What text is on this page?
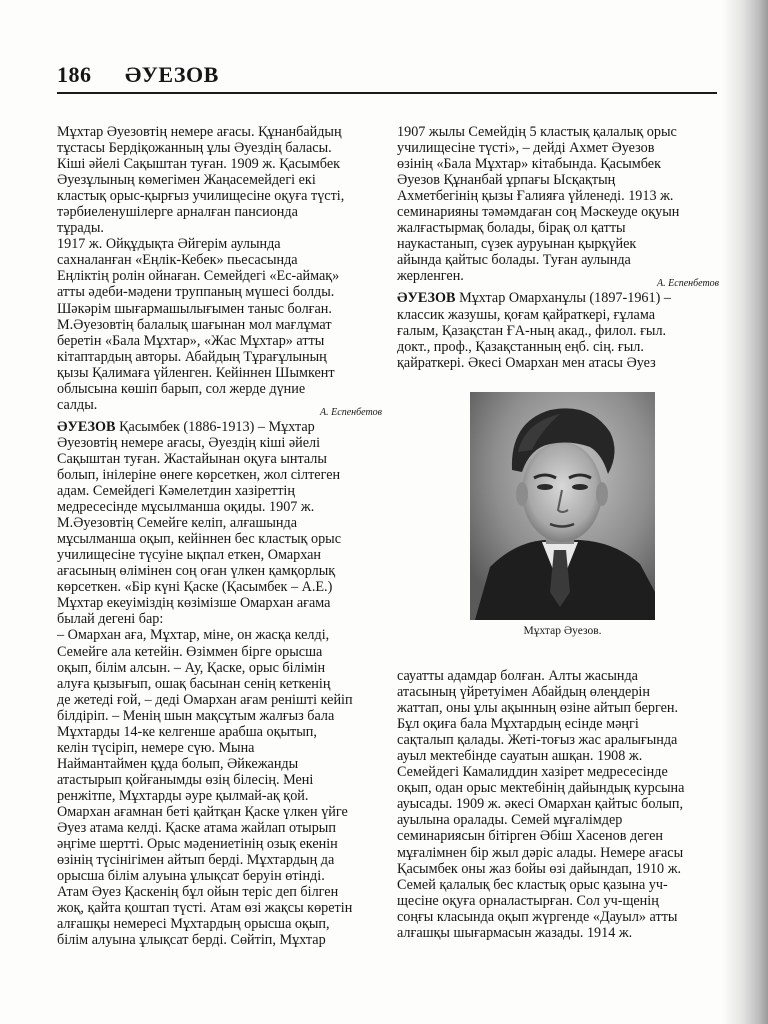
186 ӘУЕЗОВ
Мұхтар Әуезовтің немере ағасы. Құнанбайдың
тұстасы Бердіқожанның ұлы Әуездің баласы.
Кіші әйелі Сақыштан туған. 1909 ж. Қасымбек
Әуезұлының көмегімен Жаңасемейдегі екі
кластық орыс-қырғыз училищесіне оқуға түсті,
тәрбиеленушілерге арналған пансионда
тұрады.
1917 ж. Ойқұдықта Әйгерім аулында
сахналанған «Еңлік-Кебек» пьесасында
Еңліктің ролін ойнаған. Семейдегі «Ес-аймақ»
атты әдеби-мәдени труппаның мүшесі болды.
Шәкәрім шығармашылығымен таныс болған.
М.Әуезовтің балалық шағынан мол мағлұмат
беретін «Бала Мұхтар», «Жас Мұхтар» атты
кітаптардың авторы. Абайдың Тұрағұлының
қызы Қалимаға үйленген. Кейіннен Шымкент
облысына көшіп барып, сол жерде дүние
салды.	А. Еспенбетов
ӘУЕЗОВ Қасымбек (1886-1913) – Мұхтар
Әуезовтің немере ағасы, Әуездің кіші әйелі
Сақыштан туған. Жастайынан оқуға ынталы
болып, інілеріне өнеге көрсеткен, жол сілтеген
адам. Семейдегі Кәмелетдин хазіреттің
медресесінде мұсылманша оқиды. 1907 ж.
М.Әуезовтің Семейге келіп, алғашында
мұсылманша оқып, кейіннен бес кластық орыс
училищесіне түсуіне ықпал еткен, Омархан
ағасының өлімінен соң оған үлкен қамқорлық
көрсеткен. «Бір күні Қаске (Қасымбек – А.Е.)
Мұхтар екеуіміздің көзімізше Омархан ағама
былай дегені бар:
– Омархан аға, Мұхтар, міне, он жасқа келді,
Семейге ала кетейін. Өзіммен бірге орысша
оқып, білім алсын. – Ау, Қаске, орыс білімін
алуға қызығып, ошақ басынан сенің кеткенің
де жетеді ғой, – деді Омархан ағам ренішті кейіп
білдіріп. – Менің шын мақсұтым жалғыз бала
Мұхтарды 14-ке келгенше арабша оқытып,
келін түсіріп, немере сүю. Мына
Наймантаймен құда болып, Әйкежанды
атастырып қойғанымды өзің білесің. Мені
ренжітпе, Мұхтарды әуре қылмай-ақ қой.
Омархан ағамнан беті қайтқан Қаске үлкен үйге
Әуез атама келді. Қаске атама жайлап отырып
әңгіме шертті. Орыс мәдениетінің озық екенін
өзінің түсінігімен айтып берді. Мұхтардың да
орысша білім алуына ұлықсат беруін өтінді.
Атам Әуез Қаскенің бұл ойын теріс деп білген
жоқ, қайта қоштап түсті. Атам өзі жақсы көретін
алғашқы немересі Мұхтардың орысша оқып,
білім алуына ұлықсат берді. Сөйтіп, Мұхтар
1907 жылы Семейдің 5 кластық қалалық орыс
училищесіне түсті», – дейді Ахмет Әуезов
өзінің «Бала Мұхтар» кітабында. Қасымбек
Әуезов Құнанбай ұрпағы Ысқақтың
Ахметбегінің қызы Ғалияға үйленеді. 1913 ж.
семинарияны тәмәмдаған соң Мәскеуде оқуын
жалғастырмақ болады, бірақ ол қатты
наукастанып, сүзек ауруынан қырқүйек
айында қайтыс болады. Туған аулында
жерленген.	А. Еспенбетов
ӘУЕЗОВ Мұхтар Омарханұлы (1897-1961) –
классик жазушы, қоғам қайраткері, ғұлама
ғалым, Қазақстан ҒА-ның акад., филол. ғыл.
докт., проф., Қазақстанның еңб. сің. ғыл.
қайраткері. Әкесі Омархан мен атасы Әуез
Мұхтар Әуезов.
сауатты адамдар болған. Алты жасында
атасының үйретуімен Абайдың өлеңдерін
жаттап, оны ұлы ақынның өзіне айтып берген.
Бұл оқиға бала Мұхтардың есінде мәңгі
сақталып қалады. Жеті-тоғыз жас аралығында
ауыл мектебінде сауатын ашқан. 1908 ж.
Семейдегі Камалиддин хазірет медресесінде
оқып, одан орыс мектебінің дайындық курсына
ауысады. 1909 ж. әкесі Омархан қайтыс болып,
ауылына оралады. Семей мұғалімдер
семинариясын бітірген Әбіш Хасенов деген
мұғалімнен бір жыл дәріс алады. Немере ағасы
Қасымбек оны жаз бойы өзі дайындап, 1910 ж.
Семей қалалық бес кластық орыс қазына уч-
щесіне оқуға орналастырған. Сол уч-щенің
соңғы класында оқып жүргенде «Дауыл» атты
алғашқы шығармасын жазады. 1914 ж.
